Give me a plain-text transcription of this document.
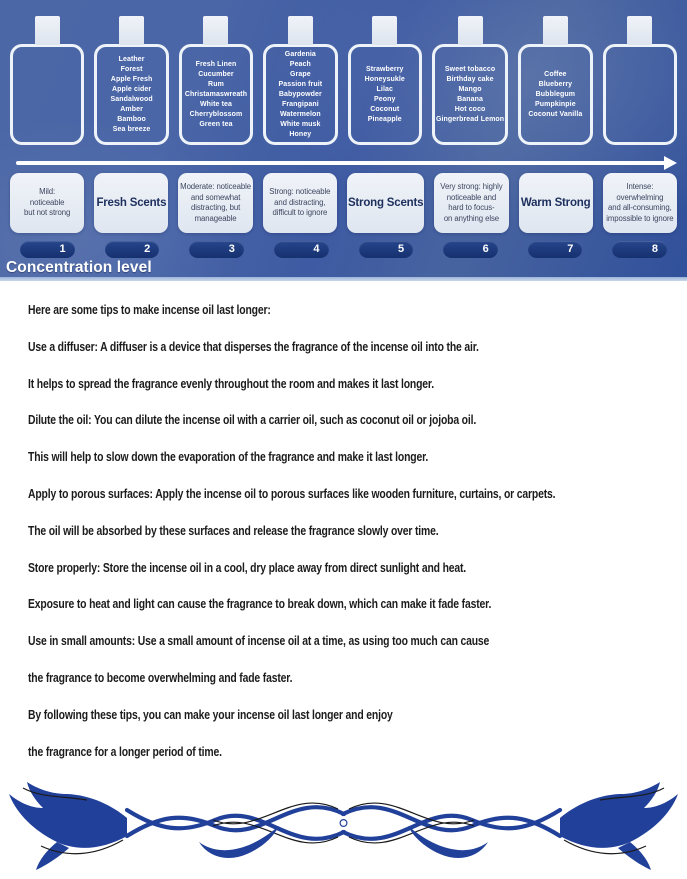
Leather
Forest
Apple Fresh
Apple cider
Sandalwood
Amber
Bamboo
Sea breeze
Fresh Linen
Cucumber
Rum
Christamaswreath
White tea
Cherryblossom
Green tea
Gardenia
Peach
Grape
Passion fruit
Babypowder
Frangipani
Watermelon
White musk
Honey
Strawberry
Honeysukle
Lilac
Peony
Coconut
Pineapple
Sweet tobacco
Birthday cake
Mango
Banana
Hot coco
Gingerbread Lemon
Coffee
Blueberry
Bubblegum
Pumpkinpie
Coconut Vanilla
Mild:
noticeable
but not strong
Fresh Scents
Moderate: noticeable
and somewhat
distracting, but
manageable
Strong: noticeable
and distracting,
difficult to ignore
Strong Scents
Very strong: highly
noticeable and
hard to focus-
on anything else
Warm Strong
Intense:
overwhelming
and all-consuming,
impossible to ignore
1	2	3	4	5	6	7	8
Concentration level

Here are some tips to make incense oil last longer:

Use a diffuser: A diffuser is a device that disperses the fragrance of the incense oil into the air.

It helps to spread the fragrance evenly throughout the room and makes it last longer.

Dilute the oil: You can dilute the incense oil with a carrier oil, such as coconut oil or jojoba oil.

This will help to slow down the evaporation of the fragrance and make it last longer.

Apply to porous surfaces: Apply the incense oil to porous surfaces like wooden furniture, curtains, or carpets.

The oil will be absorbed by these surfaces and release the fragrance slowly over time.

Store properly: Store the incense oil in a cool, dry place away from direct sunlight and heat.

Exposure to heat and light can cause the fragrance to break down, which can make it fade faster.

Use in small amounts: Use a small amount of incense oil at a time, as using too much can cause

the fragrance to become overwhelming and fade faster.

By following these tips, you can make your incense oil last longer and enjoy

the fragrance for a longer period of time.
